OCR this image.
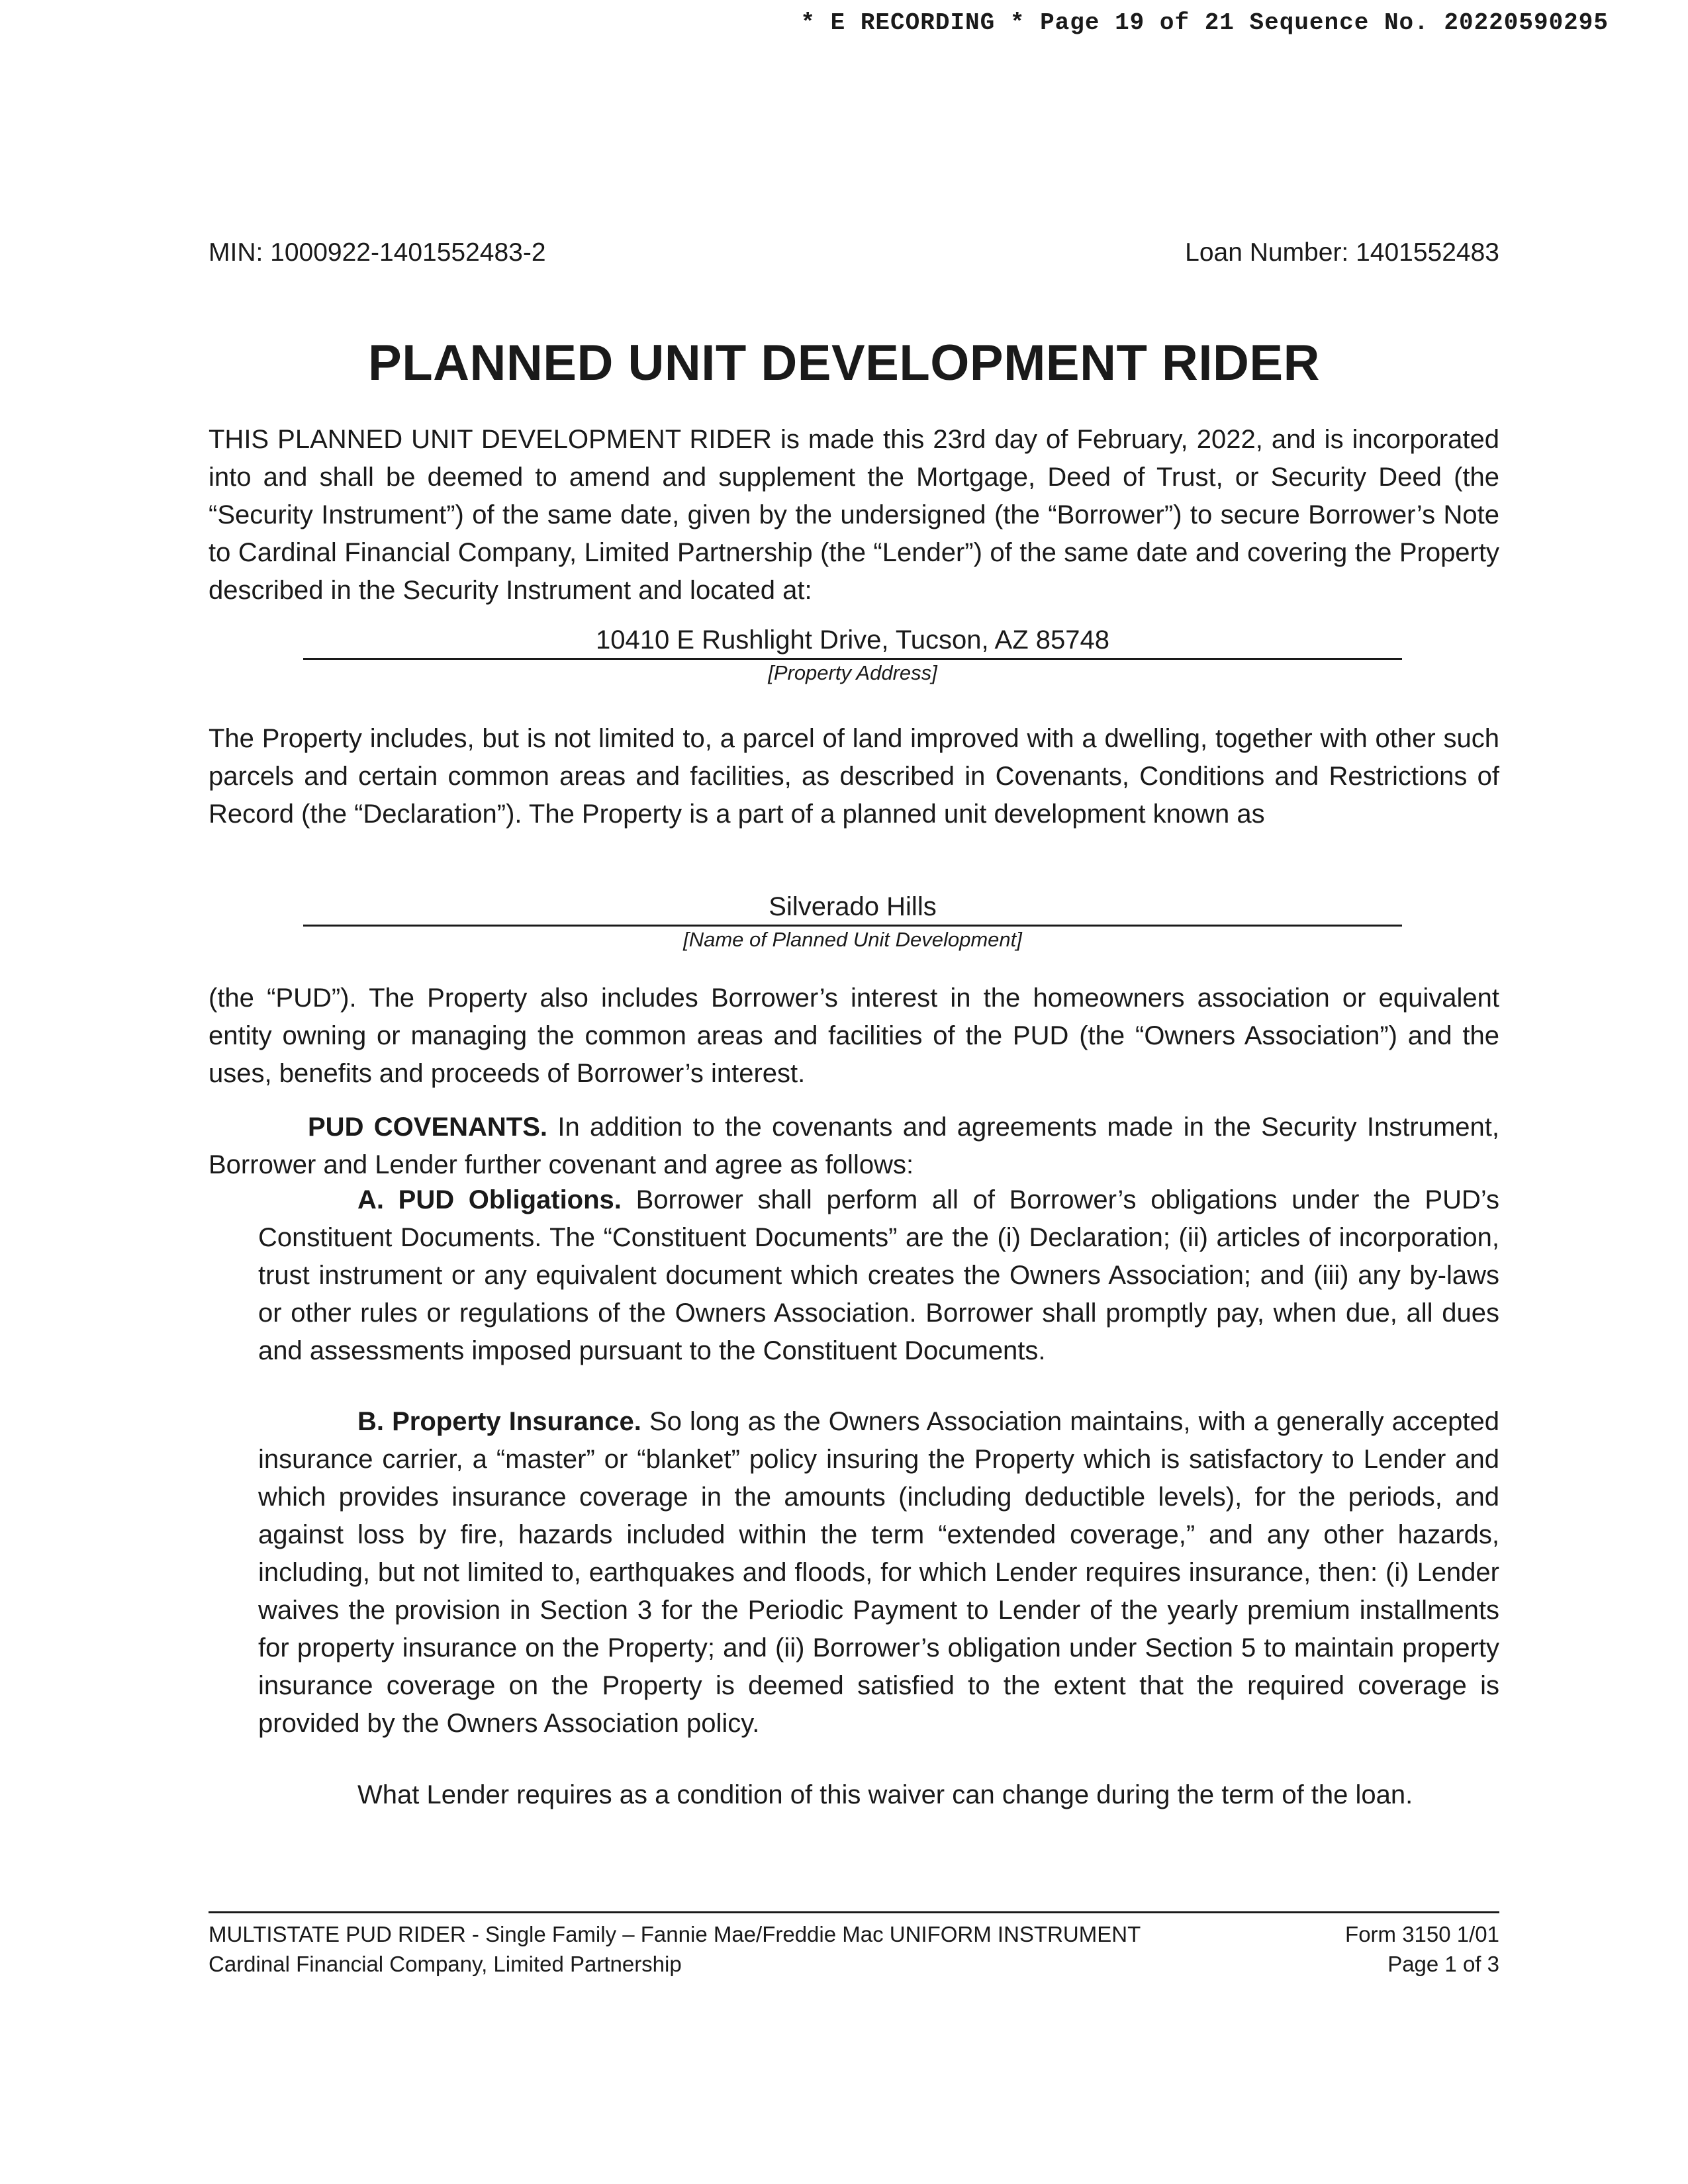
* E RECORDING * Page 19 of 21 Sequence No. 20220590295
MIN: 1000922-1401552483-2	Loan Number: 1401552483
PLANNED UNIT DEVELOPMENT RIDER
THIS PLANNED UNIT DEVELOPMENT RIDER is made this 23rd day of February, 2022, and is incorporated into and shall be deemed to amend and supplement the Mortgage, Deed of Trust, or Security Deed (the “Security Instrument”) of the same date, given by the undersigned (the “Borrower”) to secure Borrower’s Note to Cardinal Financial Company, Limited Partnership (the “Lender”) of the same date and covering the Property described in the Security Instrument and located at:
10410 E Rushlight Drive, Tucson, AZ 85748
[Property Address]
The Property includes, but is not limited to, a parcel of land improved with a dwelling, together with other such parcels and certain common areas and facilities, as described in Covenants, Conditions and Restrictions of Record (the “Declaration”). The Property is a part of a planned unit development known as
Silverado Hills
[Name of Planned Unit Development]
(the “PUD”). The Property also includes Borrower’s interest in the homeowners association or equivalent entity owning or managing the common areas and facilities of the PUD (the “Owners Association”) and the uses, benefits and proceeds of Borrower’s interest.
PUD COVENANTS. In addition to the covenants and agreements made in the Security Instrument, Borrower and Lender further covenant and agree as follows:
A. PUD Obligations. Borrower shall perform all of Borrower’s obligations under the PUD’s Constituent Documents. The “Constituent Documents” are the (i) Declaration; (ii) articles of incorporation, trust instrument or any equivalent document which creates the Owners Association; and (iii) any by-laws or other rules or regulations of the Owners Association. Borrower shall promptly pay, when due, all dues and assessments imposed pursuant to the Constituent Documents.
B. Property Insurance. So long as the Owners Association maintains, with a generally accepted insurance carrier, a “master” or “blanket” policy insuring the Property which is satisfactory to Lender and which provides insurance coverage in the amounts (including deductible levels), for the periods, and against loss by fire, hazards included within the term “extended coverage,” and any other hazards, including, but not limited to, earthquakes and floods, for which Lender requires insurance, then: (i) Lender waives the provision in Section 3 for the Periodic Payment to Lender of the yearly premium installments for property insurance on the Property; and (ii) Borrower’s obligation under Section 5 to maintain property insurance coverage on the Property is deemed satisfied to the extent that the required coverage is provided by the Owners Association policy.
What Lender requires as a condition of this waiver can change during the term of the loan.
MULTISTATE PUD RIDER - Single Family – Fannie Mae/Freddie Mac UNIFORM INSTRUMENT
Cardinal Financial Company, Limited Partnership
Form 3150 1/01
Page 1 of 3
